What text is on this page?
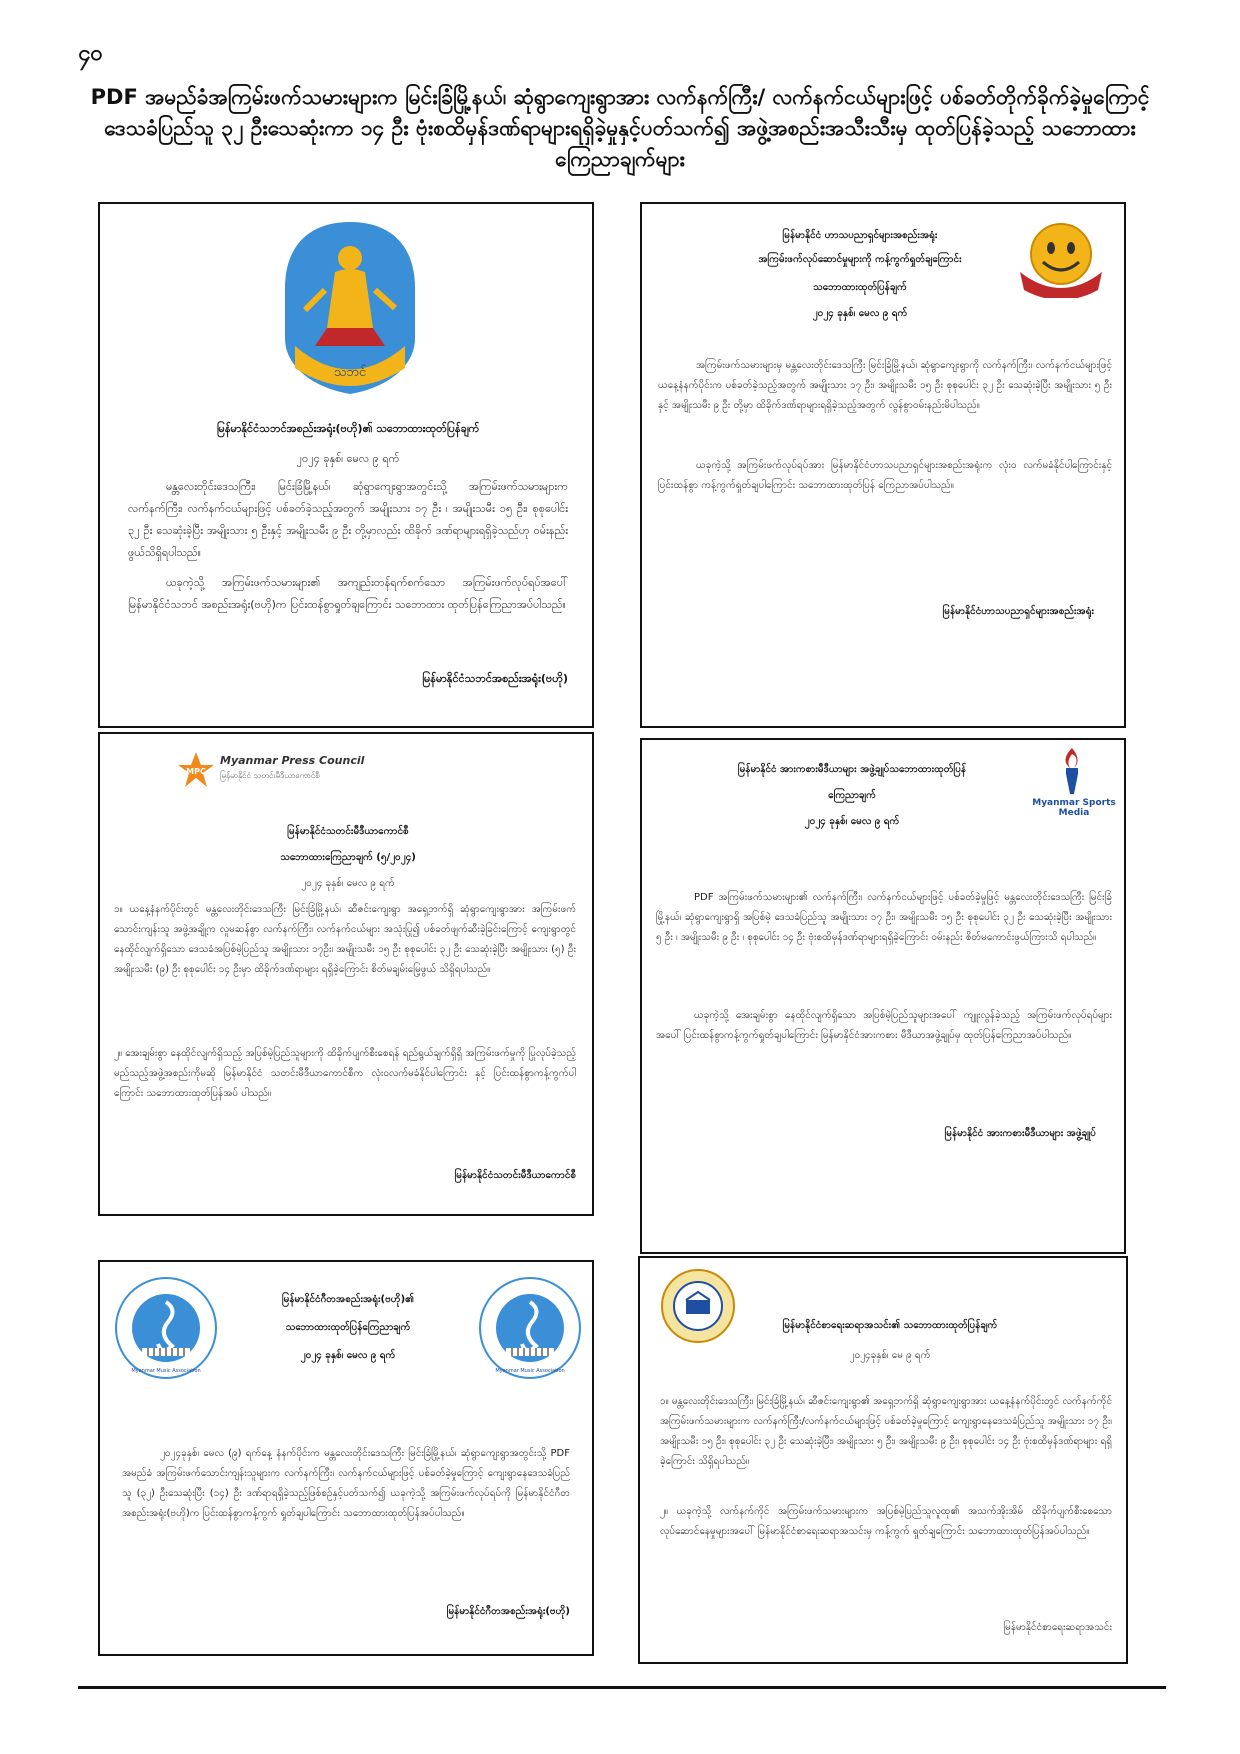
၄၀
PDF အမည်ခံအကြမ်းဖက်သမားများက မြင်းခြံမြို့နယ်၊ ဆုံရွာကျေးရွာအား လက်နက်ကြီး/ လက်နက်ငယ်များဖြင့် ပစ်ခတ်တိုက်ခိုက်ခဲ့မှုကြောင့် ဒေသခံပြည်သူ ၃၂ ဦးသေဆုံးကာ ၁၄ ဦး ဗုံးစထိမှန်ဒဏ်ရာများရရှိခဲ့မှုနှင့်ပတ်သက်၍ အဖွဲ့အစည်းအသီးသီးမှ ထုတ်ပြန်ခဲ့သည့် သဘောထားကြေညာချက်များ
သဘင်
မြန်မာနိုင်ငံသဘင်အစည်းအရုံး(ဗဟို)၏ သဘောထားထုတ်ပြန်ချက်
၂၀၂၄ ခုနှစ်၊ မေလ ၉ ရက်
မန္တလေးတိုင်းဒေသကြီး၊ မြင်းခြံမြို့နယ်၊ ဆုံရွာကျေးရွာအတွင်းသို့ အကြမ်းဖက်သမားများက လက်နက်ကြီး၊ လက်နက်ငယ်များဖြင့် ပစ်ခတ်ခဲ့သည့်အတွက် အမျိုးသား ၁၇ ဦး ၊ အမျိုးသမီး ၁၅ ဦး၊ စုစုပေါင်း ၃၂ ဦး သေဆုံးခဲ့ပြီး အမျိုးသား ၅ ဦးနှင့် အမျိုးသမီး ၉ ဦး တို့မှာလည်း ထိခိုက် ဒဏ်ရာများရရှိခဲ့သည်ဟု ဝမ်းနည်းဖွယ်သိရှိရပါသည်။
ယခုကဲ့သို့ အကြမ်းဖက်သမားများ၏ အကျည်းတန်ရက်စက်သော အကြမ်းဖက်လုပ်ရပ်အပေါ် မြန်မာနိုင်ငံသဘင် အစည်းအရုံး(ဗဟို)က ပြင်းထန်စွာရှုတ်ချကြောင်း သဘောထား ထုတ်ပြန်ကြေညာအပ်ပါသည်။
မြန်မာနိုင်ငံသဘင်အစည်းအရုံး(ဗဟို)
မြန်မာနိုင်ငံ ဟာသပညာရှင်များအစည်းအရုံး
အကြမ်းဖက်လုပ်ဆောင်မှုများကို ကန့်ကွက်ရှုတ်ချကြောင်း
သဘောထားထုတ်ပြန်ချက်
၂၀၂၄ ခုနှစ်၊ မေလ ၉ ရက်
အကြမ်းဖက်သမားများမှ မန္တလေးတိုင်းဒေသကြီး မြင်းခြံမြို့နယ်၊ ဆုံရွာကျေးရွာကို လက်နက်ကြီး၊ လက်နက်ငယ်များဖြင့် ယနေ့နံနက်ပိုင်းက ပစ်ခတ်ခဲ့သည့်အတွက် အမျိုးသား ၁၇ ဦး၊ အမျိုးသမီး ၁၅ ဦး စုစုပေါင်း ၃၂ ဦး သေဆုံးခဲ့ပြီး အမျိုးသား ၅ ဦးနှင့် အမျိုးသမီး ၉ ဦး တို့မှာ ထိခိုက်ဒဏ်ရာများရရှိခဲ့သည့်အတွက် လွန်စွာဝမ်းနည်းမိပါသည်။
ယခုကဲ့သို့ အကြမ်းဖက်လုပ်ရပ်အား မြန်မာနိုင်ငံဟာသပညာရှင်များအစည်းအရုံးက လုံးဝ လက်မခံနိုင်ပါကြောင်းနှင့် ပြင်းထန်စွာ ကန့်ကွက်ရှုတ်ချပါကြောင်း သဘောထားထုတ်ပြန် ကြေညာအပ်ပါသည်။
မြန်မာနိုင်ငံဟာသပညာရှင်များအစည်းအရုံး
MPC
Myanmar Press Council
မြန်မာနိုင်ငံ သတင်းမီဒီယာကောင်စီ
မြန်မာနိုင်ငံသတင်းမီဒီယာကောင်စီ
သဘောထားကြေညာချက် (၅/၂၀၂၄)
၂၀၂၄ ခုနှစ်၊ မေလ ၉ ရက်
၁။ ယနေ့နံနက်ပိုင်းတွင် မန္တလေးတိုင်းဒေသကြီး မြင်းခြံမြို့နယ်၊ ဆီဇင်းကျေးရွာ အရှေ့ဘက်ရှိ ဆုံရွာကျေးရွာအား အကြမ်းဖက်သောင်းကျန်းသူ အဖွဲ့အချို့က လူမဆန်စွာ လက်နက်ကြီး၊ လက်နက်ငယ်များ အသုံးပြု၍ ပစ်ခတ်ဖျက်ဆီးခဲ့ခြင်းကြောင့် ကျေးရွာတွင် နေထိုင်လျက်ရှိသော ဒေသခံအပြစ်မဲ့ပြည်သူ အမျိုးသား ၁၇ဦး၊ အမျိုးသမီး ၁၅ ဦး စုစုပေါင်း ၃၂ ဦး သေဆုံးခဲ့ပြီး အမျိုးသား (၅) ဦး အမျိုးသမီး (၉) ဦး စုစုပေါင်း ၁၄ ဦးမှာ ထိခိုက်ဒဏ်ရာများ ရရှိခဲ့ကြောင်း စိတ်မချမ်းမြေ့ဖွယ် သိရှိရပါသည်။
၂။ အေးချမ်းစွာ နေထိုင်လျက်ရှိသည့် အပြစ်မဲ့ပြည်သူများကို ထိခိုက်ပျက်စီးစေရန် ရည်ရွယ်ချက်ရှိရှိ အကြမ်းဖက်မှုကို ပြုလုပ်ခဲ့သည့် မည်သည့်အဖွဲ့အစည်းကိုမဆို မြန်မာနိုင်ငံ သတင်းမီဒီယာကောင်စီက လုံးဝလက်မခံနိုင်ပါကြောင်း နှင့် ပြင်းထန်စွာကန့်ကွက်ပါကြောင်း သဘောထားထုတ်ပြန်အပ် ပါသည်။
မြန်မာနိုင်ငံသတင်းမီဒီယာကောင်စီ
Myanmar Sports Media
မြန်မာနိုင်ငံ အားကစားမီဒီယာများ အဖွဲ့ချုပ်သဘောထားထုတ်ပြန်
ကြေညာချက်
၂၀၂၄ ခုနှစ်၊ မေလ ၉ ရက်
PDF အကြမ်းဖက်သမားများ၏ လက်နက်ကြီး၊ လက်နက်ငယ်များဖြင့် ပစ်ခတ်ခဲ့မှုဖြင့် မန္တလေးတိုင်းဒေသကြီး မြင်းခြံမြို့နယ်၊ ဆုံရွာကျေးရွာရှိ အပြစ်မဲ့ ဒေသခံပြည်သူ အမျိုးသား ၁၇ ဦး၊ အမျိုးသမီး ၁၅ ဦး စုစုပေါင်း ၃၂ ဦး သေဆုံးခဲ့ပြီး အမျိုးသား ၅ ဦး ၊ အမျိုးသမီး ၉ ဦး ၊ စုစုပေါင်း ၁၄ ဦး ဗုံးစထိမှန်ဒဏ်ရာများရရှိခဲ့ကြောင်း ဝမ်းနည်း စိတ်မကောင်းဖွယ်ကြားသိ ရပါသည်။
ယခုကဲ့သို့ အေးချမ်းစွာ နေထိုင်လျက်ရှိသော အပြစ်မဲ့ပြည်သူများအပေါ် ကျူးလွန်ခဲ့သည့် အကြမ်းဖက်လုပ်ရပ်များအပေါ် ပြင်းထန်စွာကန့်ကွက်ရှုတ်ချပါကြောင်း မြန်မာနိုင်ငံအားကစား မီဒီယာအဖွဲ့ချုပ်မှ ထုတ်ပြန်ကြေညာအပ်ပါသည်။
မြန်မာနိုင်ငံ အားကစားမီဒီယာများ အဖွဲ့ချုပ်
Myanmar Music Association	Myanmar Music Association
မြန်မာနိုင်ငံဂီတအစည်းအရုံး(ဗဟို)၏
သဘောထားထုတ်ပြန်ကြေညာချက်
၂၀၂၄ ခုနှစ်၊ မေလ ၉ ရက်
၂၀၂၄ခုနှစ်၊ မေလ (၉) ရက်နေ့ နံနက်ပိုင်းက မန္တလေးတိုင်းဒေသကြီး မြင်းခြံမြို့နယ်၊ ဆုံရွာကျေးရွာအတွင်းသို့ PDF အမည်ခံ အကြမ်းဖက်သောင်းကျန်းသူများက လက်နက်ကြီး၊ လက်နက်ငယ်များဖြင့် ပစ်ခတ်ခဲ့မှုကြောင့် ကျေးရွာနေဒေသခံပြည်သူ (၃၂) ဦးသေဆုံးပြီး (၁၄) ဦး ဒဏ်ရာရရှိခဲ့သည့်ဖြစ်စဉ်နှင့်ပတ်သက်၍ ယခုကဲ့သို့ အကြမ်းဖက်လုပ်ရပ်ကို မြန်မာနိုင်ငံဂီတ အစည်းအရုံး(ဗဟို)က ပြင်းထန်စွာကန့်ကွက် ရှုတ်ချပါကြောင်း သဘောထားထုတ်ပြန်အပ်ပါသည်။
မြန်မာနိုင်ငံဂီတအစည်းအရုံး(ဗဟို)
မြန်မာနိုင်ငံစာရေးဆရာအသင်း၏ သဘောထားထုတ်ပြန်ချက်
၂၀၂၄ခုနှစ်၊ မေ ၉ ရက်
၁။ မန္တလေးတိုင်းဒေသကြီး၊ မြင်းခြံမြို့နယ်၊ ဆီဇင်းကျေးရွာ၏ အရှေ့ဘက်ရှိ ဆုံရွာကျေးရွာအား ယနေ့နံနက်ပိုင်းတွင် လက်နက်ကိုင်အကြမ်းဖက်သမားများက လက်နက်ကြီး/လက်နက်ငယ်များဖြင့် ပစ်ခတ်ခဲ့မှုကြောင့် ကျေးရွာနေဒေသခံပြည်သူ အမျိုးသား ၁၇ ဦး၊ အမျိုးသမီး ၁၅ ဦး၊ စုစုပေါင်း ၃၂ ဦး သေဆုံးခဲ့ပြီး၊ အမျိုးသား ၅ ဦး၊ အမျိုးသမီး ၉ ဦး၊ စုစုပေါင်း ၁၄ ဦး ဗုံးစထိမှန်ဒဏ်ရာများ ရရှိခဲ့ကြောင်း သိရှိရပါသည်။
၂။ ယခုကဲ့သို့ လက်နက်ကိုင် အကြမ်းဖက်သမားများက အပြစ်မဲ့ပြည်သူလူထု၏ အသက်အိုးအိမ် ထိခိုက်ပျက်စီးစေသော လုပ်ဆောင်နေမှုများအပေါ် မြန်မာနိုင်ငံစာရေးဆရာအသင်းမှ ကန့်ကွက် ရှုတ်ချကြောင်း သဘောထားထုတ်ပြန်အပ်ပါသည်။
မြန်မာနိုင်ငံစာရေးဆရာအသင်း
